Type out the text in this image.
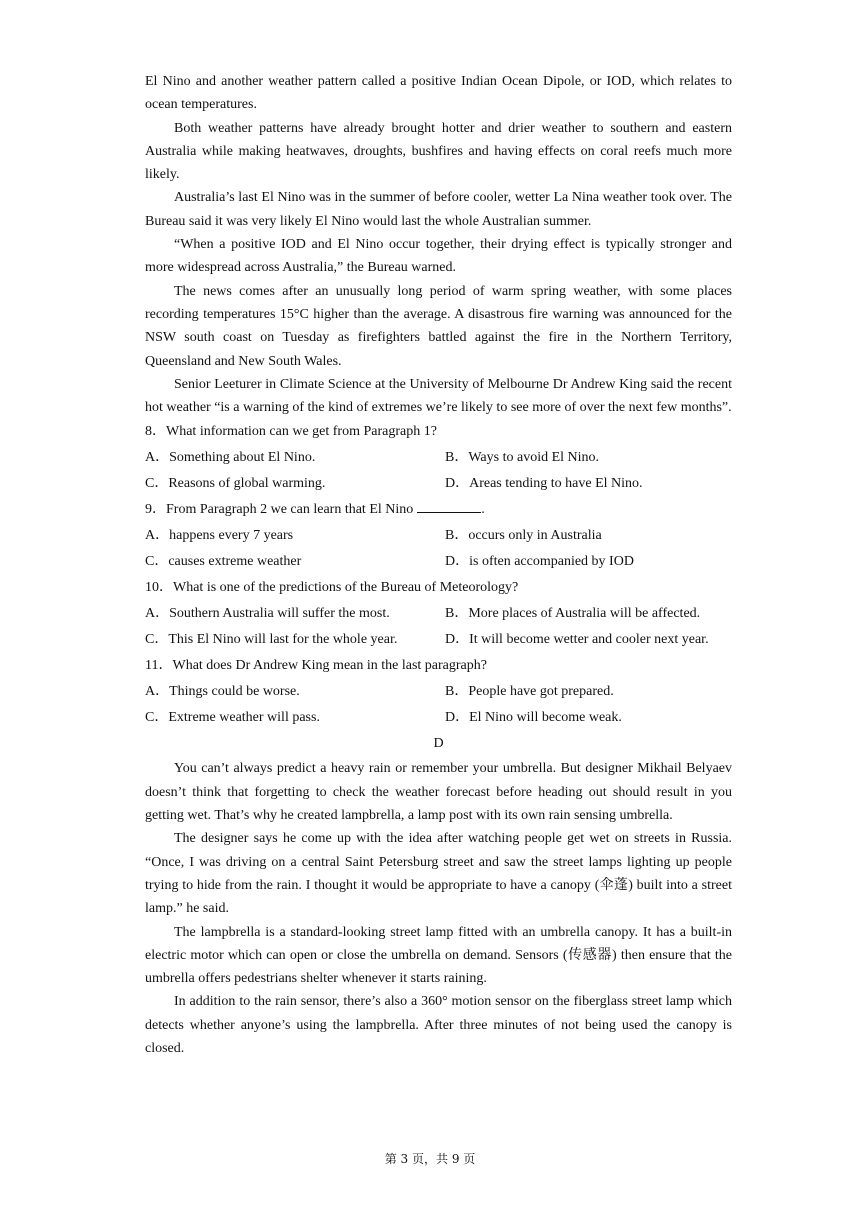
El Nino and another weather pattern called a positive Indian Ocean Dipole, or IOD, which relates to ocean temperatures.

Both weather patterns have already brought hotter and drier weather to southern and eastern Australia while making heatwaves, droughts, bushfires and having effects on coral reefs much more likely.

Australia’s last El Nino was in the summer of before cooler, wetter La Nina weather took over. The Bureau said it was very likely El Nino would last the whole Australian summer.

“When a positive IOD and El Nino occur together, their drying effect is typically stronger and more widespread across Australia,” the Bureau warned.

The news comes after an unusually long period of warm spring weather, with some places recording temperatures 15°C higher than the average. A disastrous fire warning was announced for the NSW south coast on Tuesday as firefighters battled against the fire in the Northern Territory, Queensland and New South Wales.

Senior Leeturer in Climate Science at the University of Melbourne Dr Andrew King said the recent hot weather “is a warning of the kind of extremes we’re likely to see more of over the next few months”.

8．What information can we get from Paragraph 1?

A．Something about El Nino.	B．Ways to avoid El Nino.
C．Reasons of global warming.	D．Areas tending to have El Nino.

9．From Paragraph 2 we can learn that El Nino	.

A．happens every 7 years	B．occurs only in Australia
C．causes extreme weather	D．is often accompanied by IOD

10．What is one of the predictions of the Bureau of Meteorology?

A．Southern Australia will suffer the most.	B．More places of Australia will be affected.
C．This El Nino will last for the whole year.	D．It will become wetter and cooler next year.

11．What does Dr Andrew King mean in the last paragraph?

A．Things could be worse.	B．People have got prepared.
C．Extreme weather will pass.	D．El Nino will become weak.

D

You can’t always predict a heavy rain or remember your umbrella. But designer Mikhail Belyaev doesn’t think that forgetting to check the weather forecast before heading out should result in you getting wet. That’s why he created lampbrella, a lamp post with its own rain sensing umbrella.

The designer says he come up with the idea after watching people get wet on streets in Russia. “Once, I was driving on a central Saint Petersburg street and saw the street lamps lighting up people trying to hide from the rain. I thought it would be appropriate to have a canopy (伞蓬) built into a street lamp.” he said.

The lampbrella is a standard-looking street lamp fitted with an umbrella canopy. It has a built-in electric motor which can open or close the umbrella on demand. Sensors (传感器) then ensure that the umbrella offers pedestrians shelter whenever it starts raining.

In addition to the rain sensor, there’s also a 360° motion sensor on the fiberglass street lamp which detects whether anyone’s using the lampbrella. After three minutes of not being used the canopy is closed.

第 3 页，共 9 页
